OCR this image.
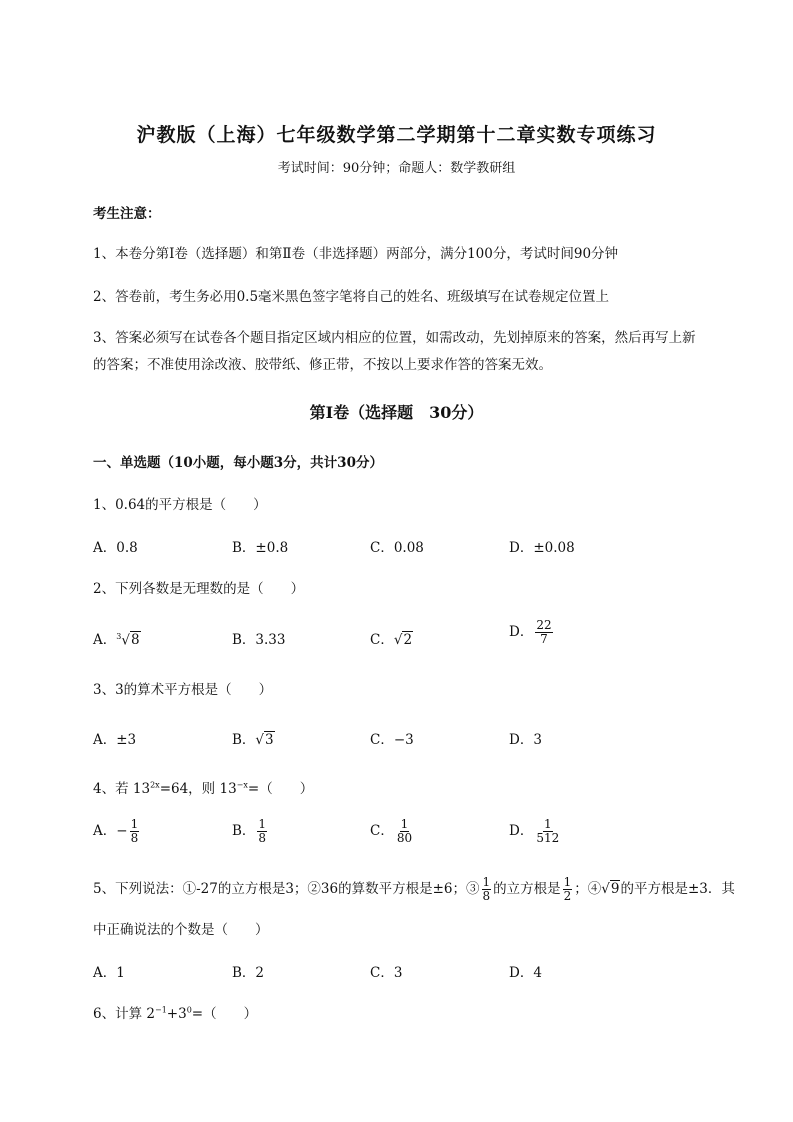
沪教版（上海）七年级数学第二学期第十二章实数专项练习
考试时间：90分钟；命题人：数学教研组
考生注意：
1、本卷分第I卷（选择题）和第Ⅱ卷（非选择题）两部分，满分100分，考试时间90分钟
2、答卷前，考生务必用0.5毫米黑色签字笔将自己的姓名、班级填写在试卷规定位置上
3、答案必须写在试卷各个题目指定区域内相应的位置，如需改动，先划掉原来的答案，然后再写上新
的答案；不准使用涂改液、胶带纸、修正带，不按以上要求作答的答案无效。
第I卷（选择题　30分）
一、单选题（10小题，每小题3分，共计30分）
1、0.64的平方根是（　　）
A．0.8	B．±0.8	C．0.08	D．±0.08
2、下列各数是无理数的是（　　）
A．$^3$√8	B．3.33	C．√2	D． $\frac{22}{7}$
3、3的算术平方根是（　　）
A．±3	B．√3	C．−3	D．3
4、若 $13^{2x}=64$，则 $13^{-x}=$（　　）
A．− $\frac{1}{8}$	B． $\frac{1}{8}$	C． $\frac{1}{80}$	D． $\frac{1}{512}$
5、下列说法：①-27的立方根是3；②36的算数平方根是±6；③ $\frac{1}{8}$ 的立方根是 $\frac{1}{2}$ ；④√9的平方根是±3．其
中正确说法的个数是（　　）
A．1	B．2	C．3	D．4
6、计算 $2^{-1}+3^0=$（　　）
